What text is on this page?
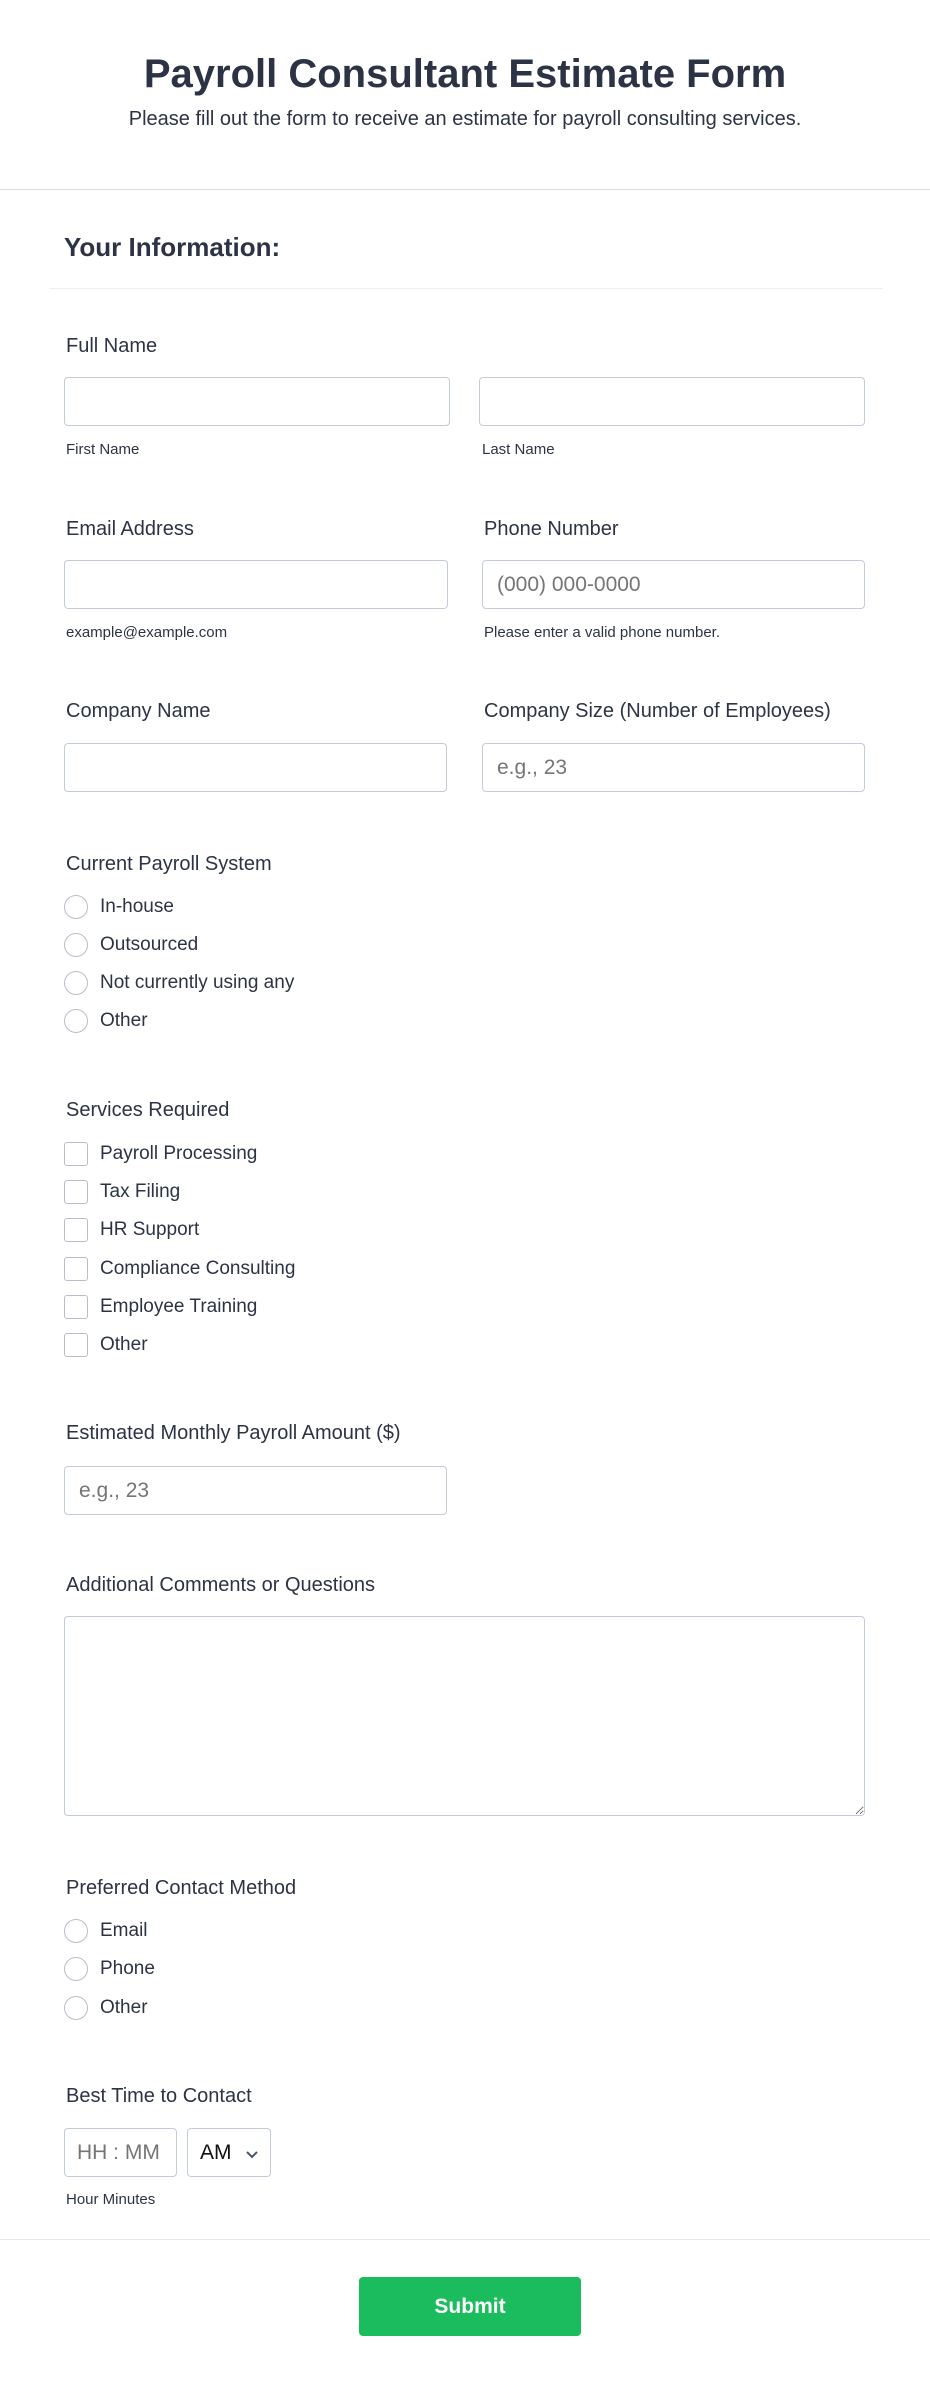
Payroll Consultant Estimate Form
Please fill out the form to receive an estimate for payroll consulting services.
Your Information:
Full Name
First Name	Last Name
Email Address	Phone Number
(000) 000-0000
example@example.com	Please enter a valid phone number.
Company Name	Company Size (Number of Employees)
e.g., 23
Current Payroll System
In-house
Outsourced
Not currently using any
Other
Services Required
Payroll Processing
Tax Filing
HR Support
Compliance Consulting
Employee Training
Other
Estimated Monthly Payroll Amount ($)
e.g., 23
Additional Comments or Questions
Preferred Contact Method
Email
Phone
Other
Best Time to Contact
HH : MM
AM
Hour Minutes
Submit
